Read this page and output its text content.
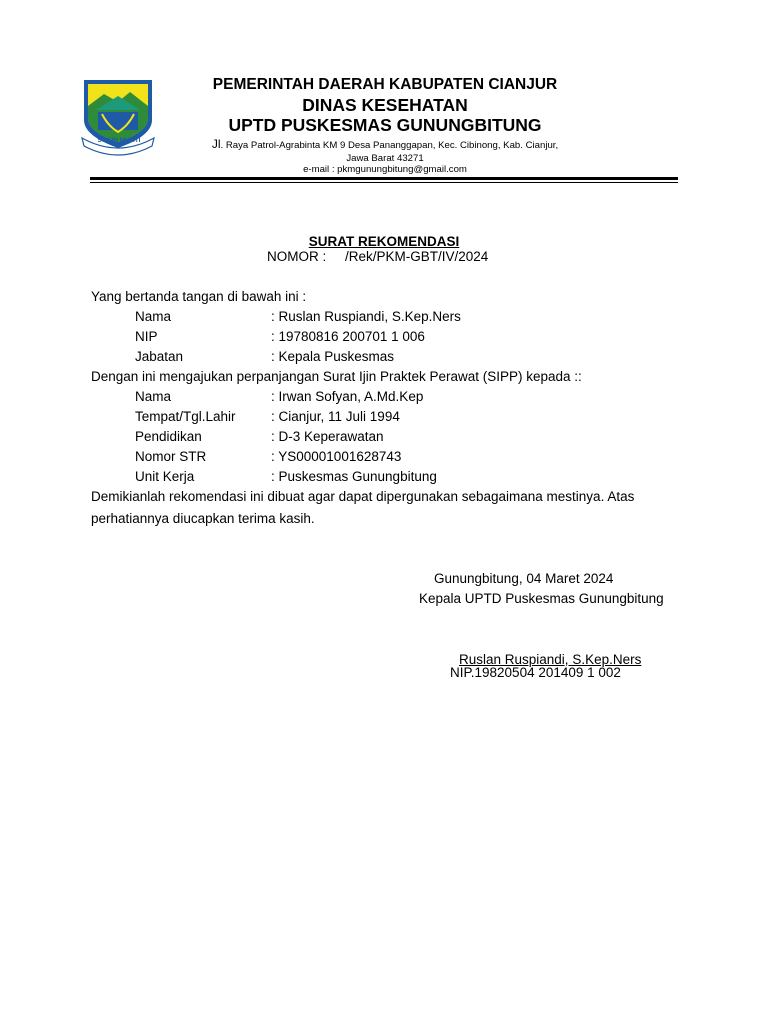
SUGIH MUKTI
PEMERINTAH DAERAH KABUPATEN CIANJUR
DINAS KESEHATAN
UPTD PUSKESMAS GUNUNGBITUNG
Jl. Raya Patrol-Agrabinta KM 9 Desa Pananggapan, Kec. Cibinong, Kab. Cianjur,
Jawa Barat 43271
e-mail : pkmgunungbitung@gmail.com
SURAT REKOMENDASI
NOMOR : /Rek/PKM-GBT/IV/2024
Yang bertanda tangan di bawah ini :
Nama	: Ruslan Ruspiandi, S.Kep.Ners
NIP	: 19780816 200701 1 006
Jabatan	: Kepala Puskesmas
Dengan ini mengajukan perpanjangan Surat Ijin Praktek Perawat (SIPP) kepada ::
Nama	: Irwan Sofyan, A.Md.Kep
Tempat/Tgl.Lahir	: Cianjur, 11 Juli 1994
Pendidikan	: D-3 Keperawatan
Nomor STR	: YS00001001628743
Unit Kerja	: Puskesmas Gunungbitung
Demikianlah rekomendasi ini dibuat agar dapat dipergunakan sebagaimana mestinya. Atas
perhatiannya diucapkan terima kasih.
Gunungbitung, 04 Maret 2024
Kepala UPTD Puskesmas Gunungbitung
Ruslan Ruspiandi, S.Kep.Ners
NIP.19820504 201409 1 002
